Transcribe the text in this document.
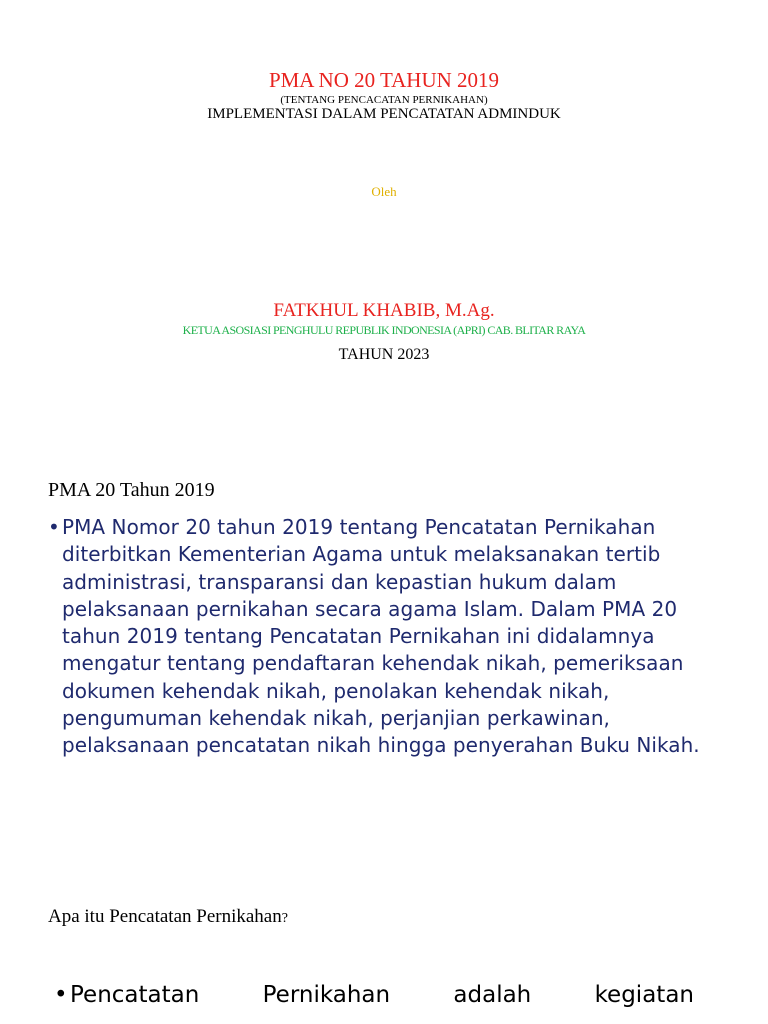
PMA NO 20 TAHUN 2019
(TENTANG PENCACATAN PERNIKAHAN)
IMPLEMENTASI DALAM PENCATATAN ADMINDUK
Oleh
FATKHUL KHABIB, M.Ag.
KETUA ASOSIASI PENGHULU REPUBLIK INDONESIA (APRI) CAB. BLITAR RAYA
TAHUN 2023
PMA 20 Tahun 2019
• PMA Nomor 20 tahun 2019 tentang Pencatatan Pernikahan diterbitkan Kementerian Agama untuk melaksanakan tertib administrasi, transparansi dan kepastian hukum dalam pelaksanaan pernikahan secara agama Islam. Dalam PMA 20 tahun 2019 tentang Pencatatan Pernikahan ini didalamnya mengatur tentang pendaftaran kehendak nikah, pemeriksaan dokumen kehendak nikah, penolakan kehendak nikah, pengumuman kehendak nikah, perjanjian perkawinan, pelaksanaan pencatatan nikah hingga penyerahan Buku Nikah.
Apa itu Pencatatan Pernikahan?
• Pencatatan	Pernikahan	adalah	kegiatan
